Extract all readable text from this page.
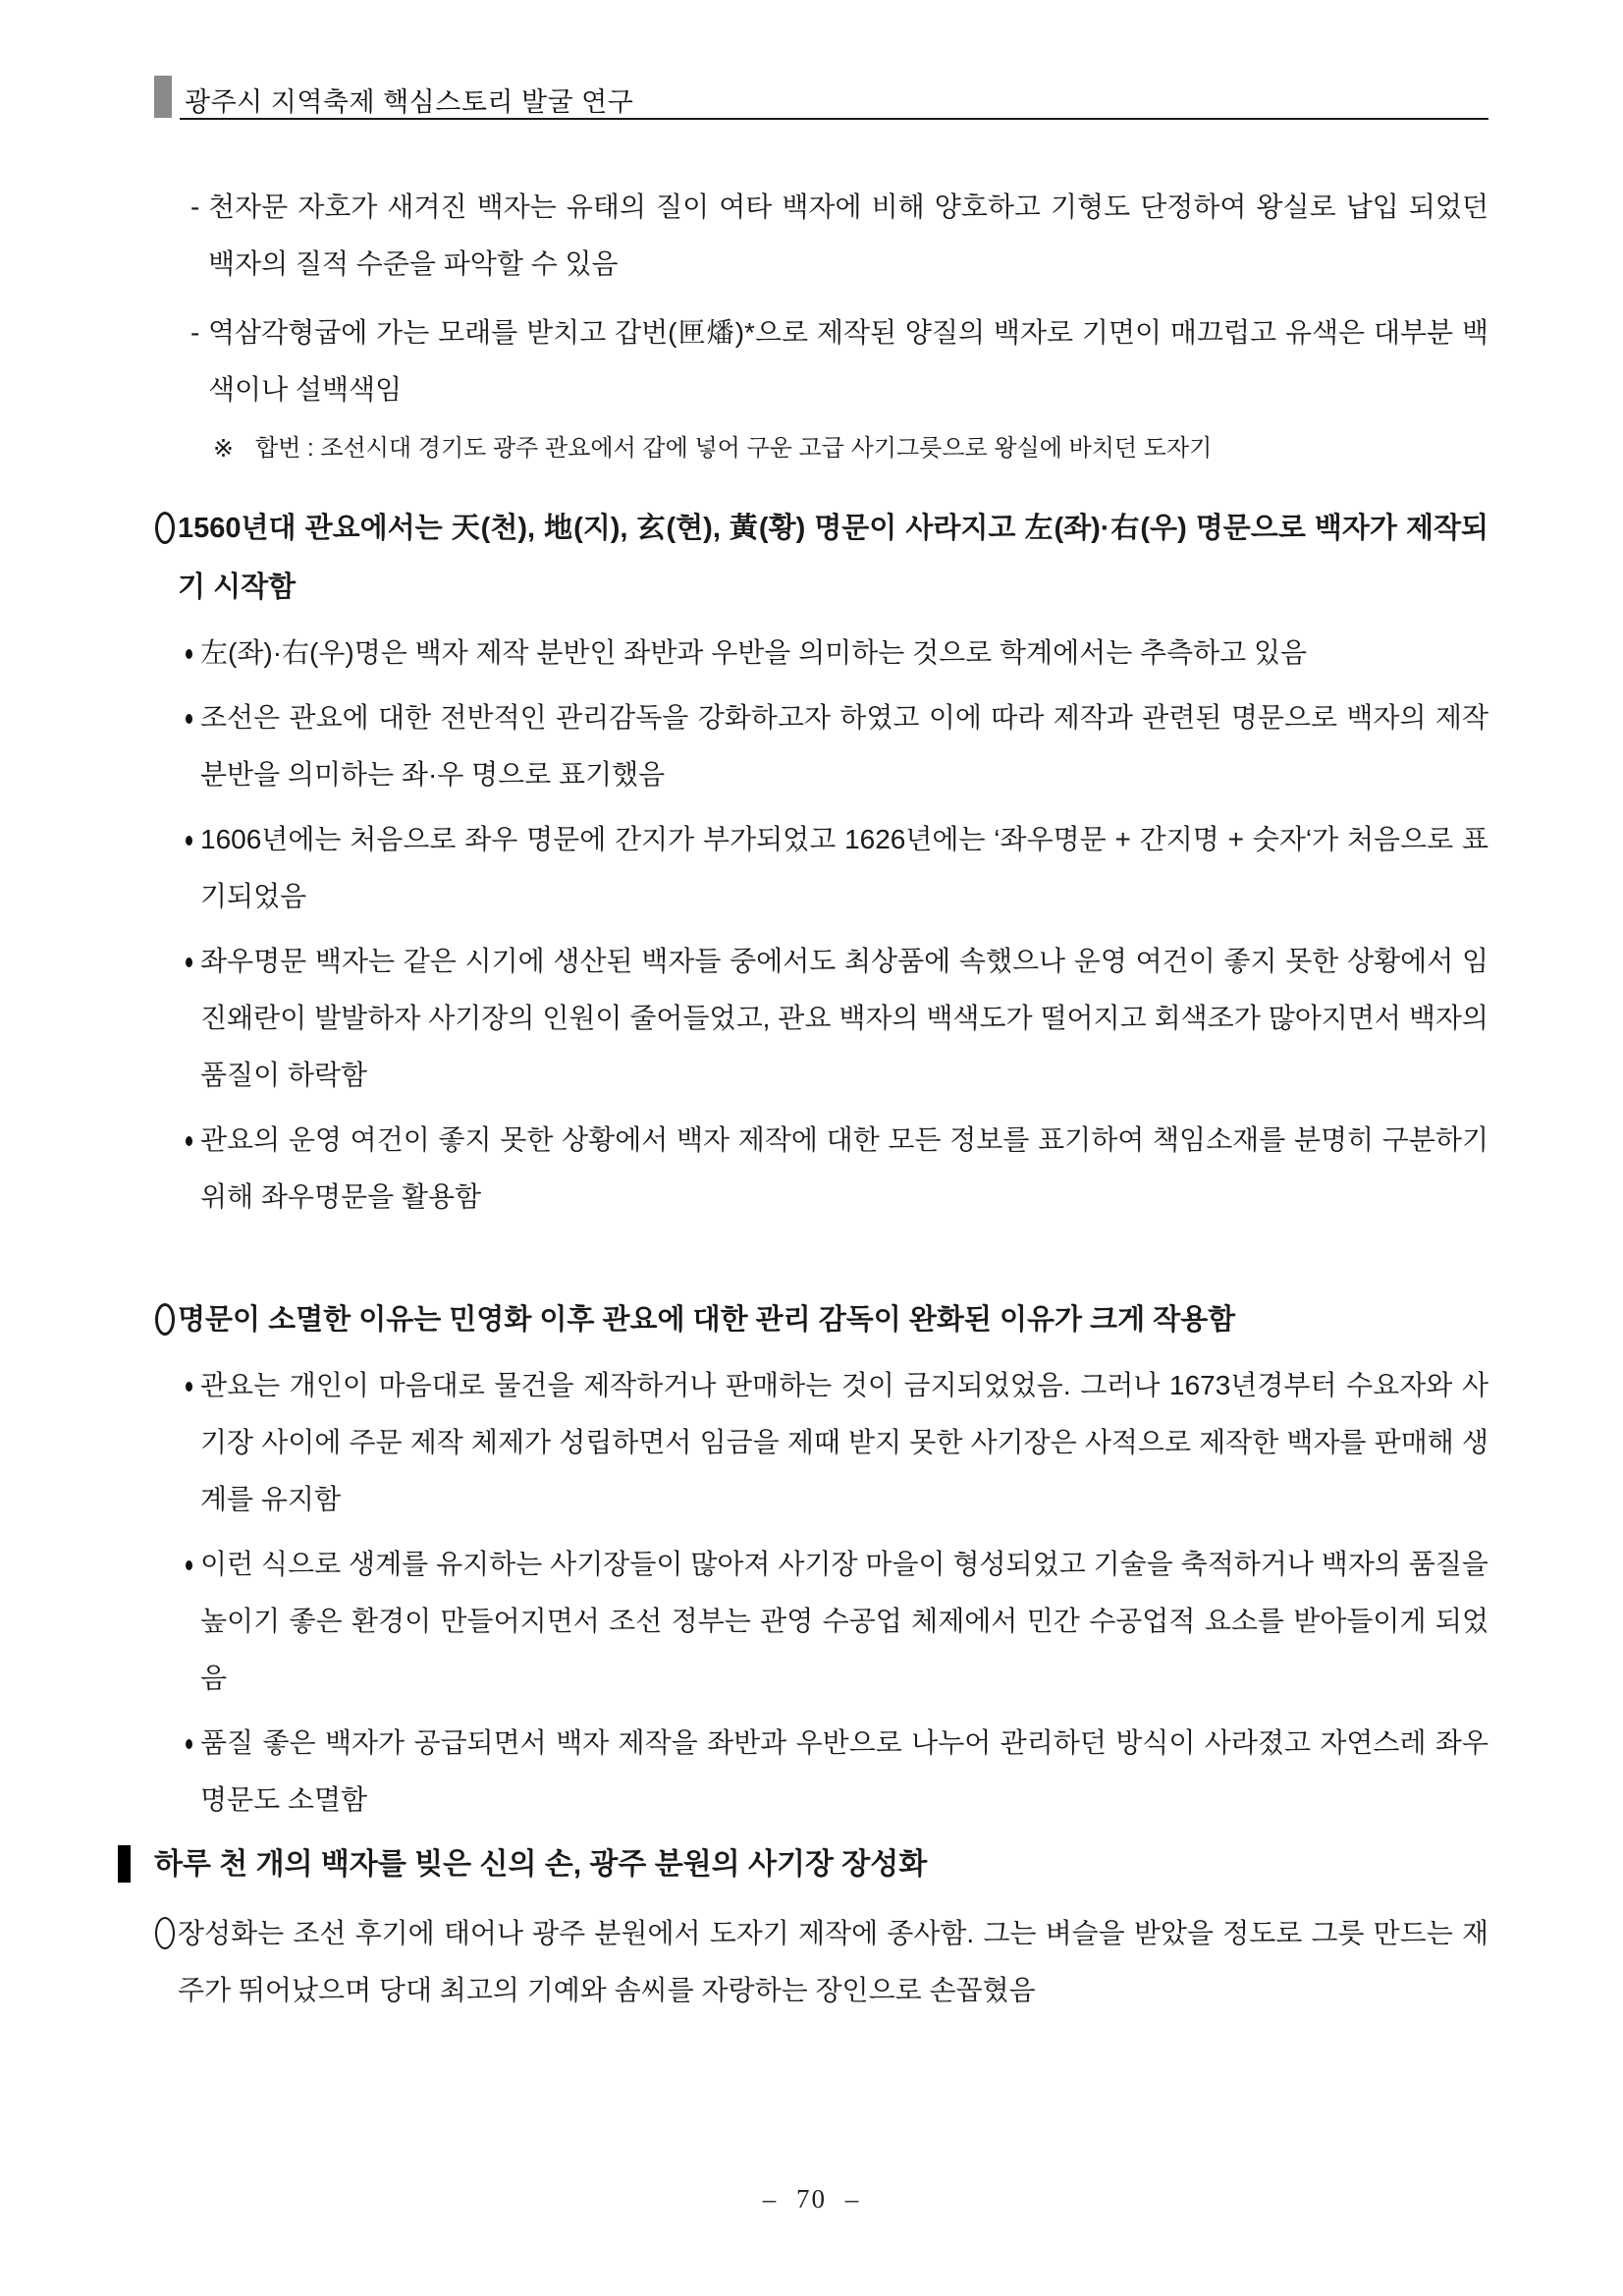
광주시 지역축제 핵심스토리 발굴 연구
- 천자문 자호가 새겨진 백자는 유태의 질이 여타 백자에 비해 양호하고 기형도 단정하여 왕실로 납입 되었던 백자의 질적 수준을 파악할 수 있음
- 역삼각형굽에 가는 모래를 받치고 갑번(匣燔)*으로 제작된 양질의 백자로 기면이 매끄럽고 유색은 대부분 백색이나 설백색임
※ 합번 : 조선시대 경기도 광주 관요에서 갑에 넣어 구운 고급 사기그릇으로 왕실에 바치던 도자기
1560년대 관요에서는 天(천), 地(지), 玄(현), 黃(황) 명문이 사라지고 左(좌)·右(우) 명문으로 백자가 제작되기 시작함
左(좌)·右(우)명은 백자 제작 분반인 좌반과 우반을 의미하는 것으로 학계에서는 추측하고 있음
조선은 관요에 대한 전반적인 관리감독을 강화하고자 하였고 이에 따라 제작과 관련된 명문으로 백자의 제작 분반을 의미하는 좌·우 명으로 표기했음
1606년에는 처음으로 좌우 명문에 간지가 부가되었고 1626년에는 ‘좌우명문 + 간지명 + 숫자‘가 처음으로 표기되었음
좌우명문 백자는 같은 시기에 생산된 백자들 중에서도 최상품에 속했으나 운영 여건이 좋지 못한 상황에서 임진왜란이 발발하자 사기장의 인원이 줄어들었고, 관요 백자의 백색도가 떨어지고 회색조가 많아지면서 백자의 품질이 하락함
관요의 운영 여건이 좋지 못한 상황에서 백자 제작에 대한 모든 정보를 표기하여 책임소재를 분명히 구분하기 위해 좌우명문을 활용함
명문이 소멸한 이유는 민영화 이후 관요에 대한 관리 감독이 완화된 이유가 크게 작용함
관요는 개인이 마음대로 물건을 제작하거나 판매하는 것이 금지되었었음. 그러나 1673년경부터 수요자와 사기장 사이에 주문 제작 체제가 성립하면서 임금을 제때 받지 못한 사기장은 사적으로 제작한 백자를 판매해 생계를 유지함
이런 식으로 생계를 유지하는 사기장들이 많아져 사기장 마을이 형성되었고 기술을 축적하거나 백자의 품질을 높이기 좋은 환경이 만들어지면서 조선 정부는 관영 수공업 체제에서 민간 수공업적 요소를 받아들이게 되었음
품질 좋은 백자가 공급되면서 백자 제작을 좌반과 우반으로 나누어 관리하던 방식이 사라졌고 자연스레 좌우 명문도 소멸함
하루 천 개의 백자를 빚은 신의 손, 광주 분원의 사기장 장성화
장성화는 조선 후기에 태어나 광주 분원에서 도자기 제작에 종사함. 그는 벼슬을 받았을 정도로 그릇 만드는 재주가 뛰어났으며 당대 최고의 기예와 솜씨를 자랑하는 장인으로 손꼽혔음
– 70 –
